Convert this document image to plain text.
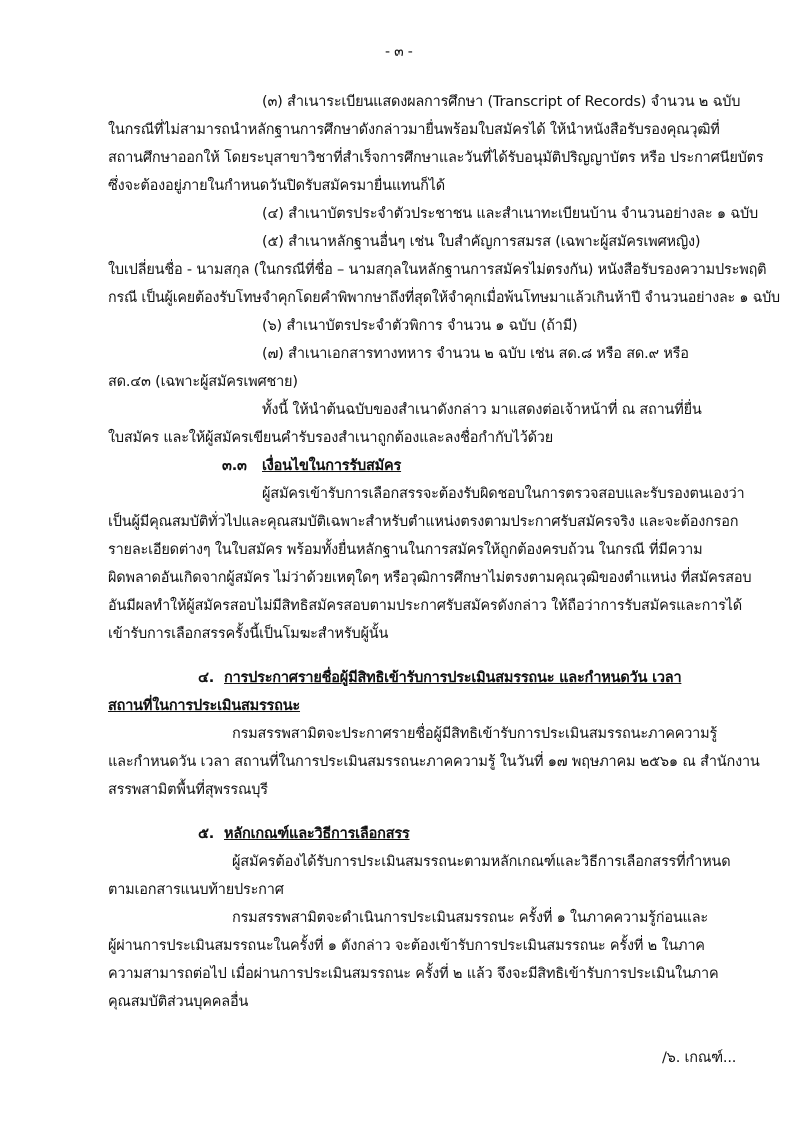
- ๓ -
(๓) สำเนาระเบียนแสดงผลการศึกษา (Transcript of Records) จำนวน ๒ ฉบับ
ในกรณีที่ไม่สามารถนำหลักฐานการศึกษาดังกล่าวมายื่นพร้อมใบสมัครได้ ให้นำหนังสือรับรองคุณวุฒิที่
สถานศึกษาออกให้ โดยระบุสาขาวิชาที่สำเร็จการศึกษาและวันที่ได้รับอนุมัติปริญญาบัตร หรือ ประกาศนียบัตร
ซึ่งจะต้องอยู่ภายในกำหนดวันปิดรับสมัครมายื่นแทนก็ได้
(๔) สำเนาบัตรประจำตัวประชาชน และสำเนาทะเบียนบ้าน จำนวนอย่างละ ๑ ฉบับ
(๕) สำเนาหลักฐานอื่นๆ เช่น ใบสำคัญการสมรส (เฉพาะผู้สมัครเพศหญิง)
ใบเปลี่ยนชื่อ - นามสกุล (ในกรณีที่ชื่อ – นามสกุลในหลักฐานการสมัครไม่ตรงกัน) หนังสือรับรองความประพฤติ
กรณี เป็นผู้เคยต้องรับโทษจำคุกโดยคำพิพากษาถึงที่สุดให้จำคุกเมื่อพ้นโทษมาแล้วเกินห้าปี จำนวนอย่างละ ๑ ฉบับ
(๖) สำเนาบัตรประจำตัวพิการ จำนวน ๑ ฉบับ (ถ้ามี)
(๗) สำเนาเอกสารทางทหาร จำนวน ๒ ฉบับ เช่น สด.๘ หรือ สด.๙ หรือ
สด.๔๓ (เฉพาะผู้สมัครเพศชาย)
ทั้งนี้ ให้นำต้นฉบับของสำเนาดังกล่าว มาแสดงต่อเจ้าหน้าที่ ณ สถานที่ยื่น
ใบสมัคร และให้ผู้สมัครเขียนคำรับรองสำเนาถูกต้องและลงชื่อกำกับไว้ด้วย
๓.๓ เงื่อนไขในการรับสมัคร
ผู้สมัครเข้ารับการเลือกสรรจะต้องรับผิดชอบในการตรวจสอบและรับรองตนเองว่า
เป็นผู้มีคุณสมบัติทั่วไปและคุณสมบัติเฉพาะสำหรับตำแหน่งตรงตามประกาศรับสมัครจริง และจะต้องกรอก
รายละเอียดต่างๆ ในใบสมัคร พร้อมทั้งยื่นหลักฐานในการสมัครให้ถูกต้องครบถ้วน ในกรณี ที่มีความ
ผิดพลาดอันเกิดจากผู้สมัคร ไม่ว่าด้วยเหตุใดๆ หรือวุฒิการศึกษาไม่ตรงตามคุณวุฒิของตำแหน่ง ที่สมัครสอบ
อันมีผลทำให้ผู้สมัครสอบไม่มีสิทธิสมัครสอบตามประกาศรับสมัครดังกล่าว ให้ถือว่าการรับสมัครและการได้
เข้ารับการเลือกสรรครั้งนี้เป็นโมฆะสำหรับผู้นั้น
๔. การประกาศรายชื่อผู้มีสิทธิเข้ารับการประเมินสมรรถนะ และกำหนดวัน เวลา
สถานที่ในการประเมินสมรรถนะ
กรมสรรพสามิตจะประกาศรายชื่อผู้มีสิทธิเข้ารับการประเมินสมรรถนะภาคความรู้
และกำหนดวัน เวลา สถานที่ในการประเมินสมรรถนะภาคความรู้ ในวันที่ ๑๗ พฤษภาคม ๒๕๖๑ ณ สำนักงาน
สรรพสามิตพื้นที่สุพรรณบุรี
๕. หลักเกณฑ์และวิธีการเลือกสรร
ผู้สมัครต้องได้รับการประเมินสมรรถนะตามหลักเกณฑ์และวิธีการเลือกสรรที่กำหนด
ตามเอกสารแนบท้ายประกาศ
กรมสรรพสามิตจะดำเนินการประเมินสมรรถนะ ครั้งที่ ๑ ในภาคความรู้ก่อนและ
ผู้ผ่านการประเมินสมรรถนะในครั้งที่ ๑ ดังกล่าว จะต้องเข้ารับการประเมินสมรรถนะ ครั้งที่ ๒ ในภาค
ความสามารถต่อไป เมื่อผ่านการประเมินสมรรถนะ ครั้งที่ ๒ แล้ว จึงจะมีสิทธิเข้ารับการประเมินในภาค
คุณสมบัติส่วนบุคคลอื่น
/๖. เกณฑ์...
